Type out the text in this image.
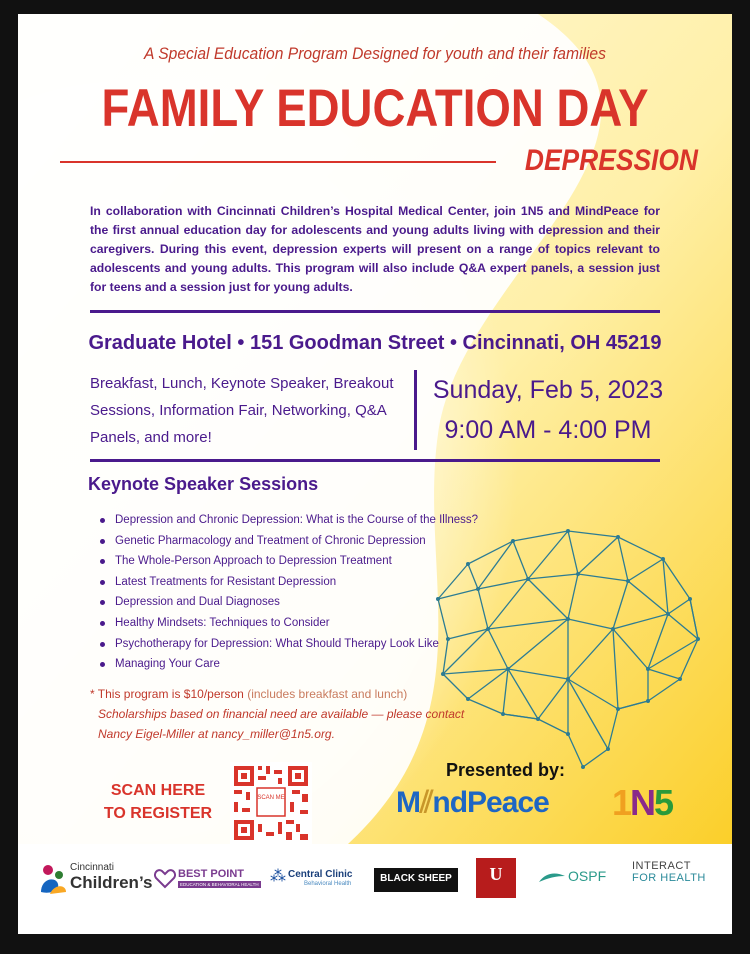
A Special Education Program Designed for youth and their families
FAMILY EDUCATION DAY
DEPRESSION

In collaboration with Cincinnati Children’s Hospital Medical Center, join 1N5 and MindPeace for the first annual education day for adolescents and young adults living with depression and their caregivers. During this event, depression experts will present on a range of topics relevant to adolescents and young adults. This program will also include Q&A expert panels, a session just for teens and a session just for young adults.

Graduate Hotel • 151 Goodman Street • Cincinnati, OH 45219
Breakfast, Lunch, Keynote Speaker, Breakout Sessions, Information Fair, Networking, Q&A Panels, and more!
Sunday, Feb 5, 2023
9:00 AM - 4:00 PM
Keynote Speaker Sessions
Depression and Chronic Depression: What is the Course of the Illness?
Genetic Pharmacology and Treatment of Chronic Depression
The Whole-Person Approach to Depression Treatment
Latest Treatments for Resistant Depression
Depression and Dual Diagnoses
Healthy Mindsets: Techniques to Consider
Psychotherapy for Depression: What Should Therapy Look Like
Managing Your Care
* This program is $10/person (includes breakfast and lunch)
Scholarships based on financial need are available — please contact
Nancy Eigel-Miller at nancy_miller@1n5.org.
SCAN HERE
TO REGISTER
SCAN ME
Presented by:
M⫽ndPeace 1N5
Cincinnati
Children’s BEST POINT
EDUCATION & BEHAVIORAL HEALTH ⁂ Central Clinic
Behavioral Health	BLACK SHEEP	U	OSPF
INTERACT
FOR HEALTH
